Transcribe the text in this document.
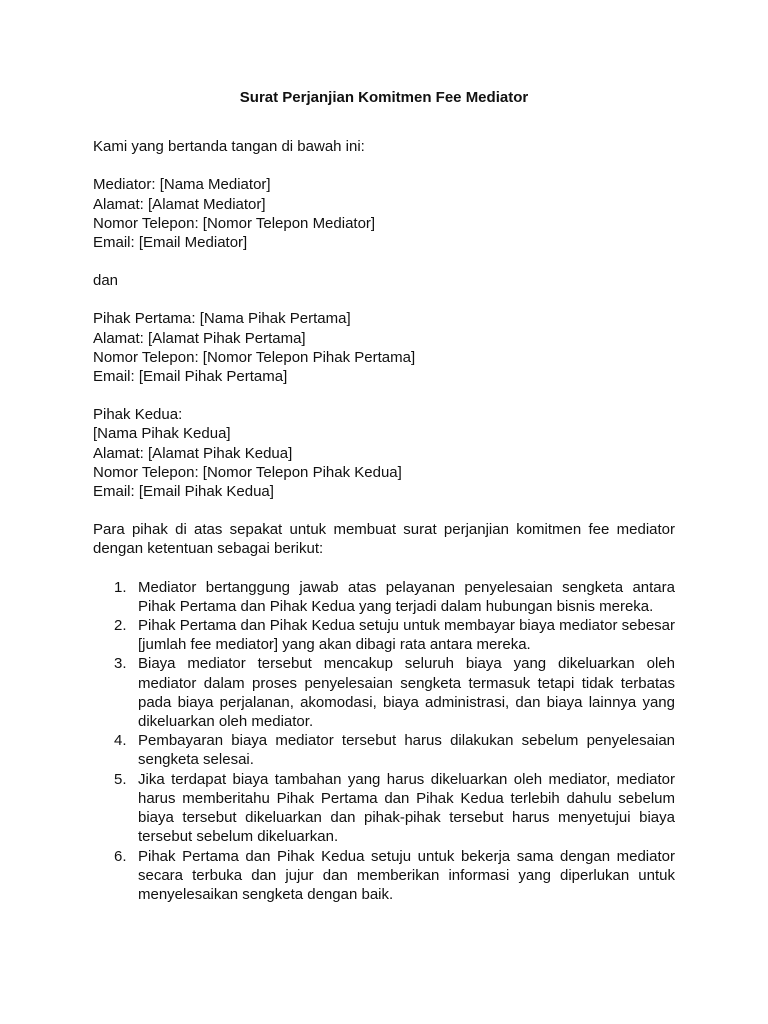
Surat Perjanjian Komitmen Fee Mediator

Kami yang bertanda tangan di bawah ini:

Mediator: [Nama Mediator]

Alamat: [Alamat Mediator]

Nomor Telepon: [Nomor Telepon Mediator]

Email: [Email Mediator]

dan

Pihak Pertama: [Nama Pihak Pertama]

Alamat: [Alamat Pihak Pertama]

Nomor Telepon: [Nomor Telepon Pihak Pertama]

Email: [Email Pihak Pertama]

Pihak Kedua:

[Nama Pihak Kedua]

Alamat: [Alamat Pihak Kedua]

Nomor Telepon: [Nomor Telepon Pihak Kedua]

Email: [Email Pihak Kedua]

Para pihak di atas sepakat untuk membuat surat perjanjian komitmen fee mediator dengan ketentuan sebagai berikut:

1. Mediator bertanggung jawab atas pelayanan penyelesaian sengketa antara Pihak Pertama dan Pihak Kedua yang terjadi dalam hubungan bisnis mereka.
2. Pihak Pertama dan Pihak Kedua setuju untuk membayar biaya mediator sebesar [jumlah fee mediator] yang akan dibagi rata antara mereka.
3. Biaya mediator tersebut mencakup seluruh biaya yang dikeluarkan oleh mediator dalam proses penyelesaian sengketa termasuk tetapi tidak terbatas pada biaya perjalanan, akomodasi, biaya administrasi, dan biaya lainnya yang dikeluarkan oleh mediator.
4. Pembayaran biaya mediator tersebut harus dilakukan sebelum penyelesaian sengketa selesai.
5. Jika terdapat biaya tambahan yang harus dikeluarkan oleh mediator, mediator harus memberitahu Pihak Pertama dan Pihak Kedua terlebih dahulu sebelum biaya tersebut dikeluarkan dan pihak-pihak tersebut harus menyetujui biaya tersebut sebelum dikeluarkan.
6. Pihak Pertama dan Pihak Kedua setuju untuk bekerja sama dengan mediator secara terbuka dan jujur dan memberikan informasi yang diperlukan untuk menyelesaikan sengketa dengan baik.
